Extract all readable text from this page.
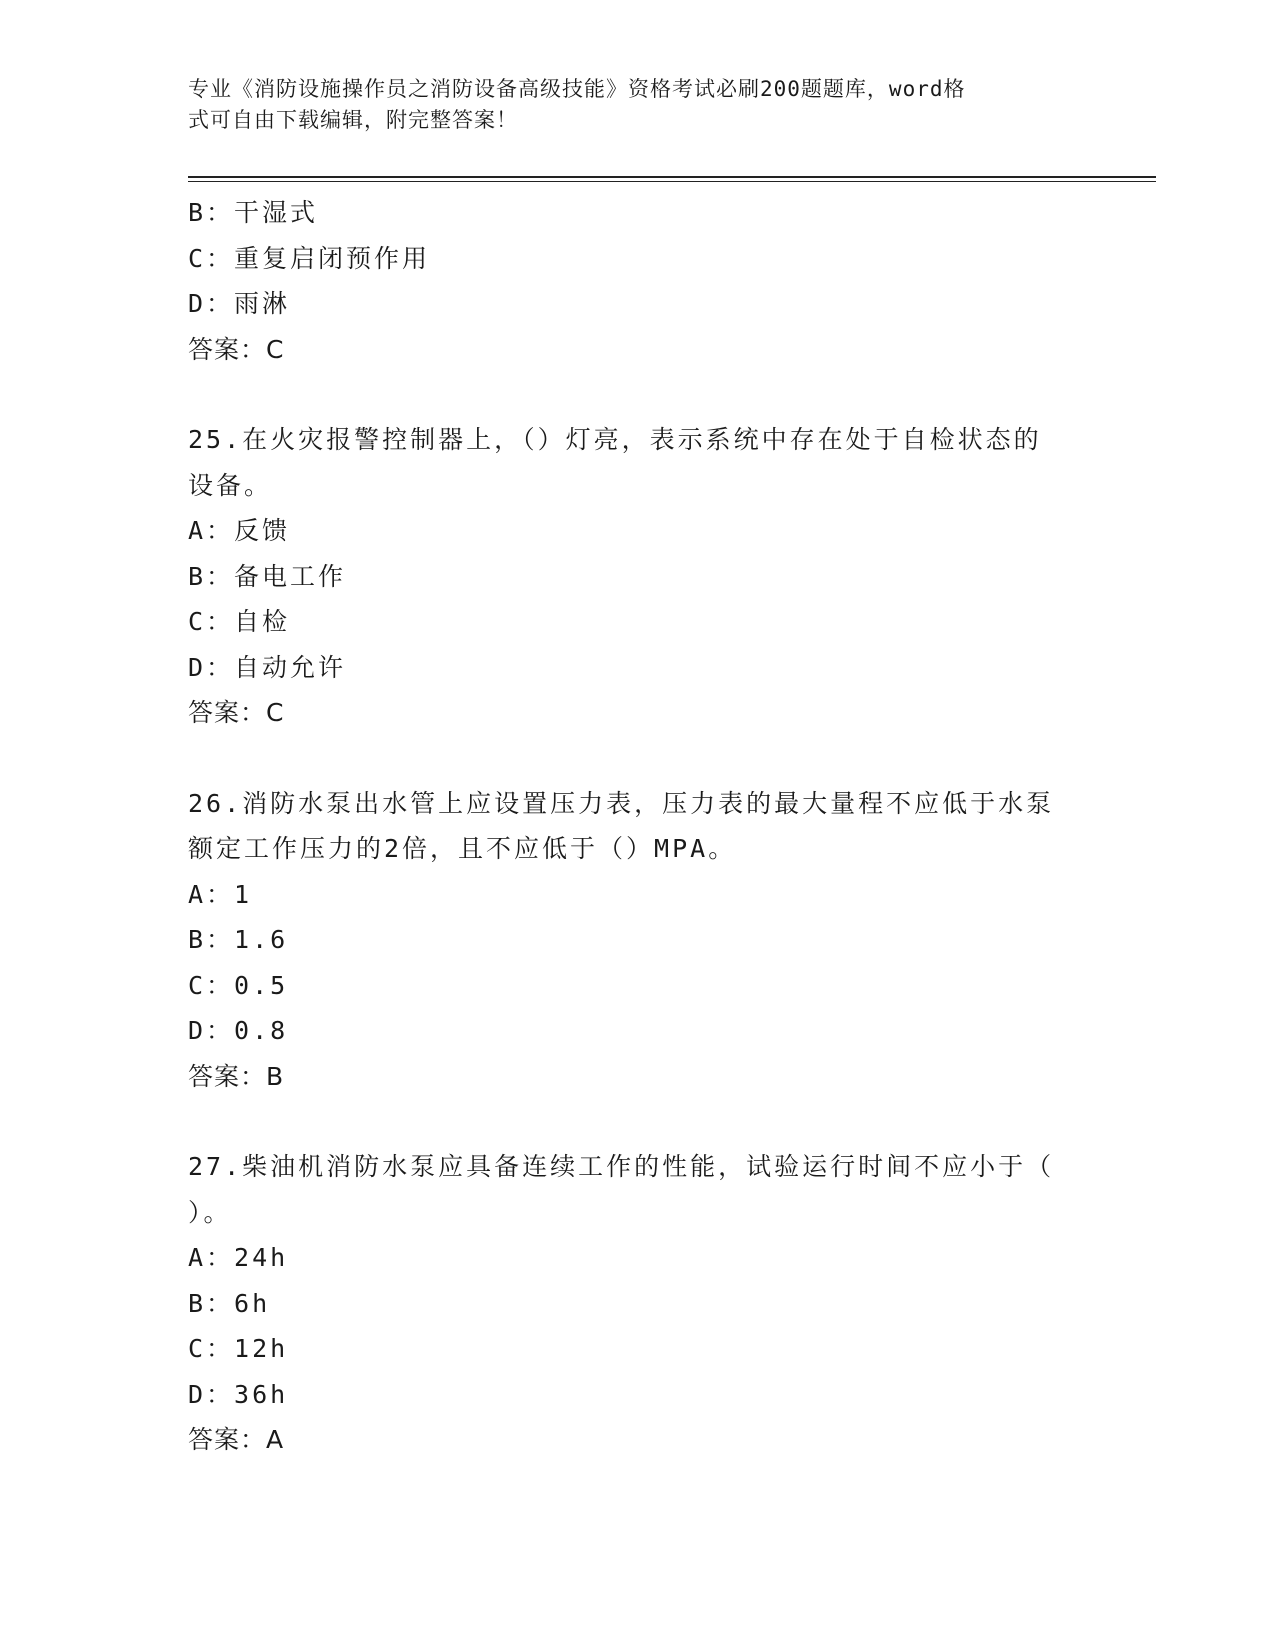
专业《消防设施操作员之消防设备高级技能》资格考试必刷200题题库，word格
式可自由下载编辑，附完整答案！
B：干湿式
C：重复启闭预作用
D：雨淋
答案：C
25.在火灾报警控制器上，（）灯亮，表示系统中存在处于自检状态的
设备。
A：反馈
B：备电工作
C：自检
D：自动允许
答案：C
26.消防水泵出水管上应设置压力表，压力表的最大量程不应低于水泵
额定工作压力的2倍，且不应低于（）MPA。
A：1
B：1.6
C：0.5
D：0.8
答案：B
27.柴油机消防水泵应具备连续工作的性能，试验运行时间不应小于（
）。
A：24h
B：6h
C：12h
D：36h
答案：A
